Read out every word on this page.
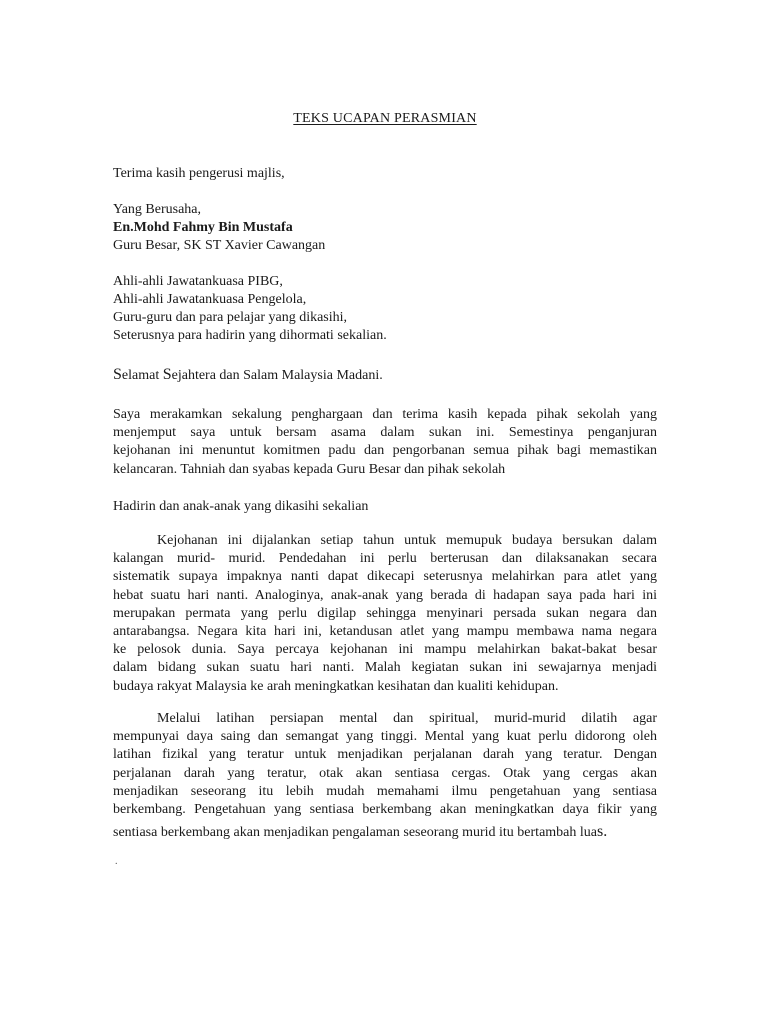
TEKS UCAPAN PERASMIAN
Terima kasih pengerusi majlis,
Yang Berusaha,
En.Mohd Fahmy Bin Mustafa
Guru Besar, SK ST Xavier Cawangan
Ahli-ahli Jawatankuasa PIBG,
Ahli-ahli Jawatankuasa Pengelola,
Guru-guru dan para pelajar yang dikasihi,
Seterusnya para hadirin yang dihormati sekalian.
Selamat Sejahtera dan Salam Malaysia Madani.
Saya merakamkan sekalung penghargaan dan terima kasih kepada pihak sekolah yang
menjemput saya untuk bersam asama dalam sukan ini. Semestinya penganjuran
kejohanan ini menuntut komitmen padu dan pengorbanan semua pihak bagi memastikan
kelancaran. Tahniah dan syabas kepada Guru Besar dan pihak sekolah
Hadirin dan anak-anak yang dikasihi sekalian
Kejohanan ini dijalankan setiap tahun untuk memupuk budaya bersukan dalam
kalangan murid- murid. Pendedahan ini perlu berterusan dan dilaksanakan secara
sistematik supaya impaknya nanti dapat dikecapi seterusnya melahirkan para atlet yang
hebat suatu hari nanti. Analoginya, anak-anak yang berada di hadapan saya pada hari ini
merupakan permata yang perlu digilap sehingga menyinari persada sukan negara dan
antarabangsa. Negara kita hari ini, ketandusan atlet yang mampu membawa nama negara
ke pelosok dunia. Saya percaya kejohanan ini mampu melahirkan bakat-bakat besar
dalam bidang sukan suatu hari nanti. Malah kegiatan sukan ini sewajarnya menjadi
budaya rakyat Malaysia ke arah meningkatkan kesihatan dan kualiti kehidupan.
Melalui latihan persiapan mental dan spiritual, murid-murid dilatih agar
mempunyai daya saing dan semangat yang tinggi. Mental yang kuat perlu didorong oleh
latihan fizikal yang teratur untuk menjadikan perjalanan darah yang teratur. Dengan
perjalanan darah yang teratur, otak akan sentiasa cergas. Otak yang cergas akan
menjadikan seseorang itu lebih mudah memahami ilmu pengetahuan yang sentiasa
berkembang. Pengetahuan yang sentiasa berkembang akan meningkatkan daya fikir yang
sentiasa berkembang akan menjadikan pengalaman seseorang murid itu bertambah luas.
.
